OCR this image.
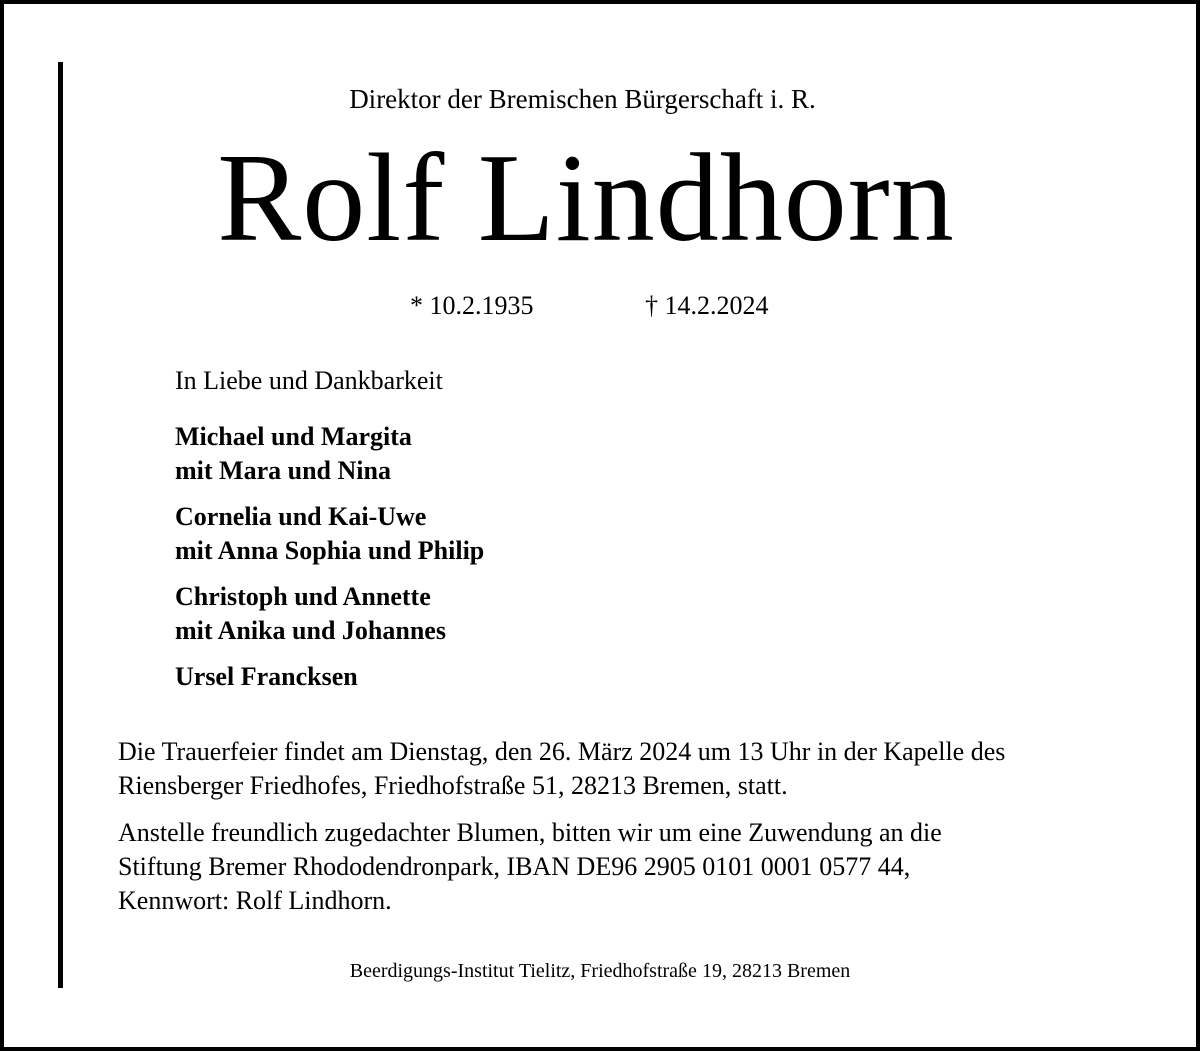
Direktor der Bremischen Bürgerschaft i. R.
Rolf Lindhorn
* 10.2.1935	† 14.2.2024
In Liebe und Dankbarkeit
Michael und Margita
mit Mara und Nina
Cornelia und Kai-Uwe
mit Anna Sophia und Philip
Christoph und Annette
mit Anika und Johannes
Ursel Francksen
Die Trauerfeier findet am Dienstag, den 26. März 2024 um 13 Uhr in der Kapelle des
Riensberger Friedhofes, Friedhofstraße 51, 28213 Bremen, statt.
Anstelle freundlich zugedachter Blumen, bitten wir um eine Zuwendung an die
Stiftung Bremer Rhododendronpark, IBAN DE96 2905 0101 0001 0577 44,
Kennwort: Rolf Lindhorn.
Beerdigungs-Institut Tielitz, Friedhofstraße 19, 28213 Bremen
